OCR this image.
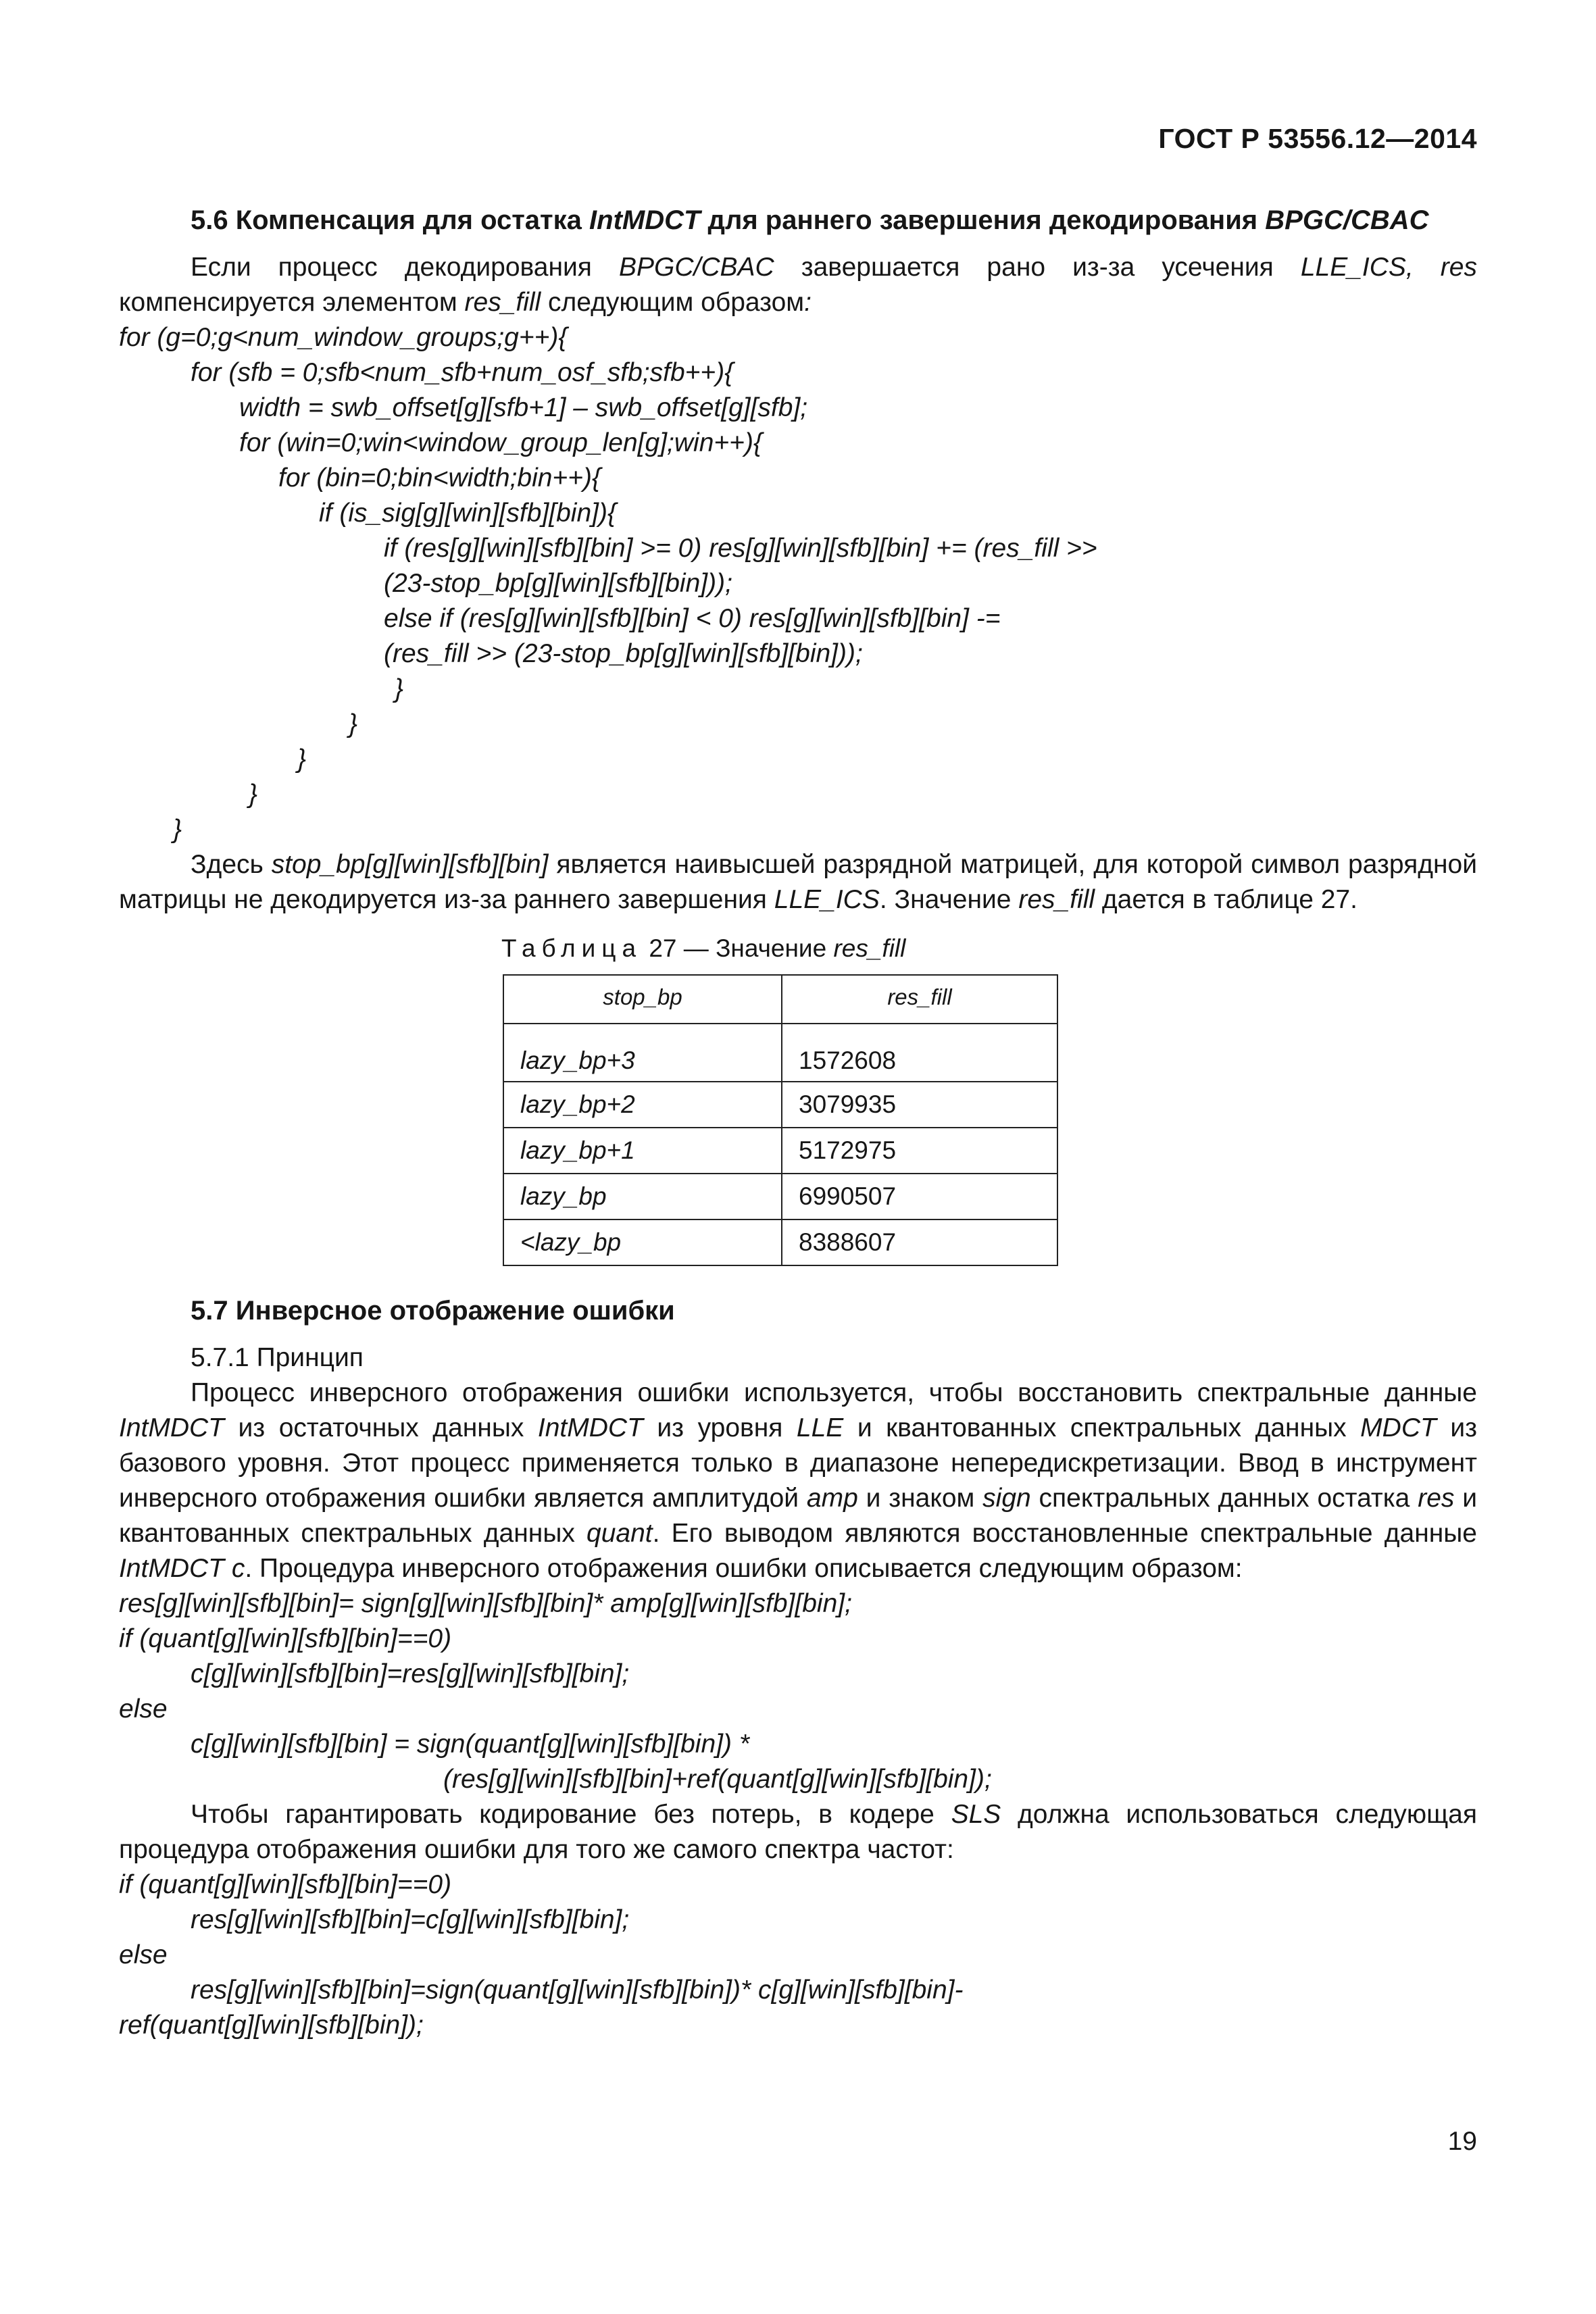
ГОСТ Р 53556.12—2014
5.6 Компенсация для остатка IntMDCT для раннего завершения декодирования BPGC/CBAC

Если процесс декодирования BPGC/CBAC завершается рано из-за усечения LLE_ICS, res компенсируется элементом res_fill следующим образом:

for (g=0;g<num_window_groups;g++){
for (sfb = 0;sfb<num_sfb+num_osf_sfb;sfb++){
width = swb_offset[g][sfb+1] – swb_offset[g][sfb];
for (win=0;win<window_group_len[g];win++){
for (bin=0;bin<width;bin++){
if (is_sig[g][win][sfb][bin]){
if (res[g][win][sfb][bin] >= 0) res[g][win][sfb][bin] += (res_fill >>
(23-stop_bp[g][win][sfb][bin]));
else if (res[g][win][sfb][bin] < 0) res[g][win][sfb][bin] -=
(res_fill >> (23-stop_bp[g][win][sfb][bin]));
}
}
}
}
}

Здесь stop_bp[g][win][sfb][bin] является наивысшей разрядной матрицей, для которой символ разрядной матрицы не декодируется из-за раннего завершения LLE_ICS. Значение res_fill дается в таблице 27.

Таблица 27 — Значение res_fill
stop_bp	res_fill
lazy_bp+3	1572608
lazy_bp+2	3079935
lazy_bp+1	5172975
lazy_bp	6990507
<lazy_bp	8388607
5.7 Инверсное отображение ошибки

5.7.1 Принцип

Процесс инверсного отображения ошибки используется, чтобы восстановить спектральные данные IntMDCT из остаточных данных IntMDCT из уровня LLE и квантованных спектральных данных MDCT из базового уровня. Этот процесс применяется только в диапазоне непередискретизации. Ввод в инструмент инверсного отображения ошибки является амплитудой amp и знаком sign спектральных данных остатка res и квантованных спектральных данных quant. Его выводом являются восстановленные спектральные данные IntMDCT c. Процедура инверсного отображения ошибки описывается следующим образом:

res[g][win][sfb][bin]= sign[g][win][sfb][bin]* amp[g][win][sfb][bin];
if (quant[g][win][sfb][bin]==0)
c[g][win][sfb][bin]=res[g][win][sfb][bin];
else
c[g][win][sfb][bin] = sign(quant[g][win][sfb][bin]) *
(res[g][win][sfb][bin]+ref(quant[g][win][sfb][bin]);

Чтобы гарантировать кодирование без потерь, в кодере SLS должна использоваться следующая процедура отображения ошибки для того же самого спектра частот:

if (quant[g][win][sfb][bin]==0)
res[g][win][sfb][bin]=c[g][win][sfb][bin];
else
res[g][win][sfb][bin]=sign(quant[g][win][sfb][bin])* c[g][win][sfb][bin]-
ref(quant[g][win][sfb][bin]);
19
